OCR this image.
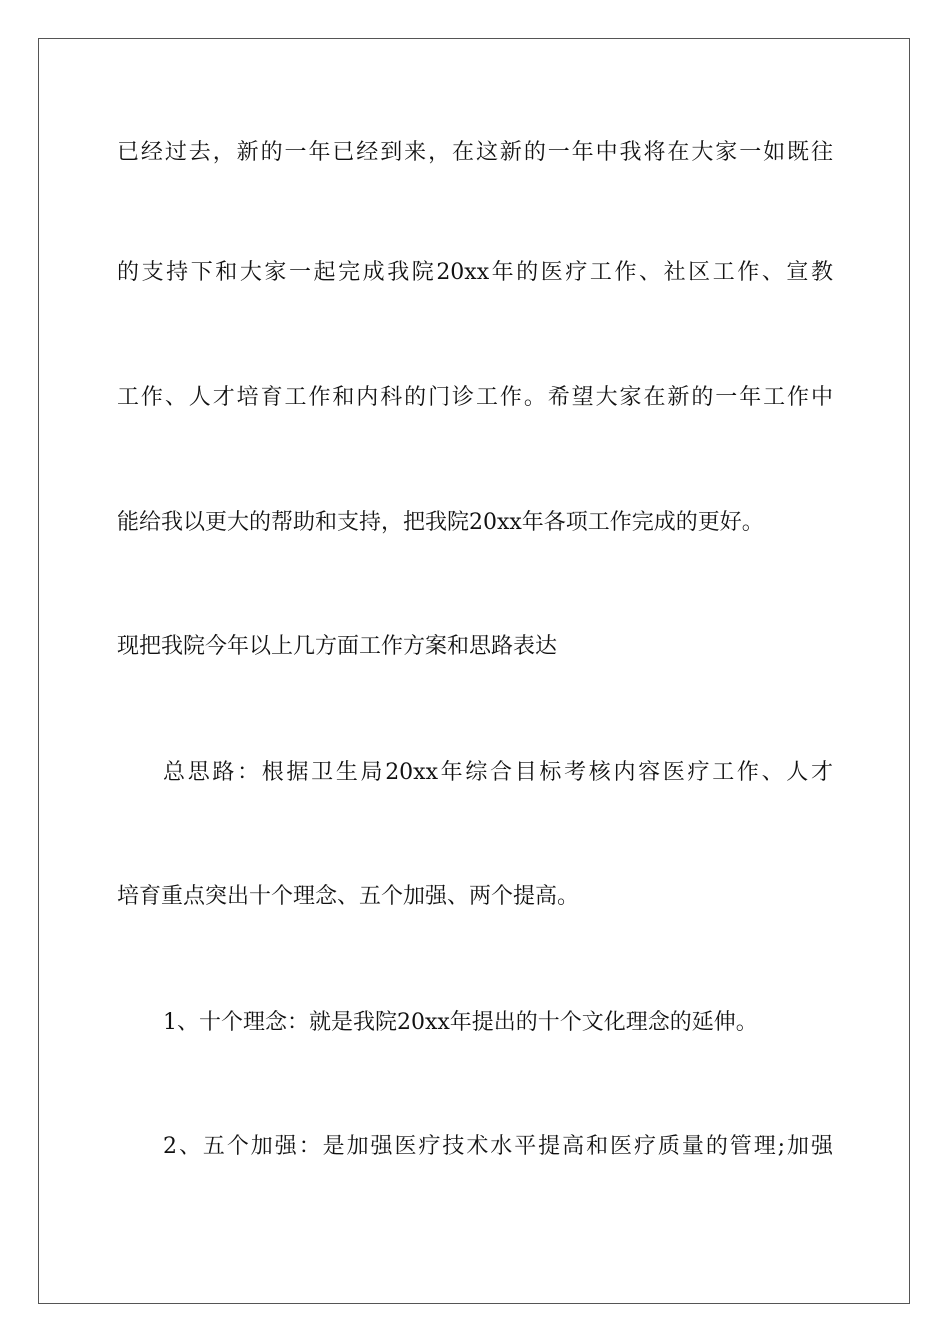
已经过去，新的一年已经到来，在这新的一年中我将在大家一如既往
的支持下和大家一起完成我院20xx年的医疗工作、社区工作、宣教
工作、人才培育工作和内科的门诊工作。希望大家在新的一年工作中
能给我以更大的帮助和支持，把我院20xx年各项工作完成的更好。
现把我院今年以上几方面工作方案和思路表达
总思路：根据卫生局20xx年综合目标考核内容医疗工作、人才
培育重点突出十个理念、五个加强、两个提高。
1、十个理念：就是我院20xx年提出的十个文化理念的延伸。
2、五个加强：是加强医疗技术水平提高和医疗质量的管理;加强
